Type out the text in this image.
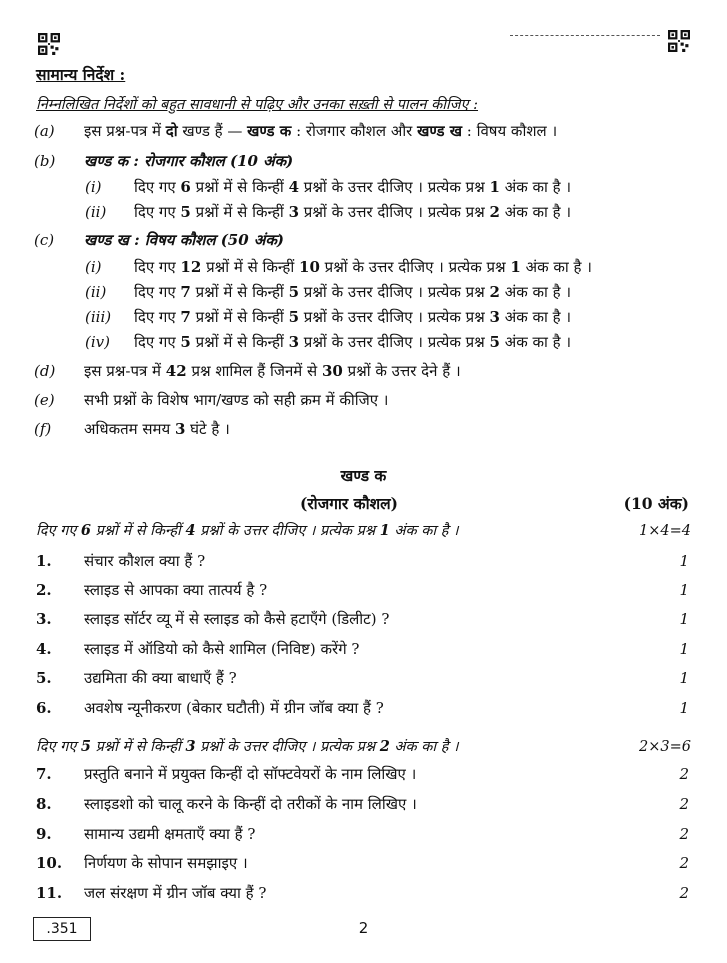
सामान्य निर्देश :
निम्नलिखित निर्देशों को बहुत सावधानी से पढ़िए और उनका सख़्ती से पालन कीजिए :
(a) इस प्रश्न-पत्र में दो खण्ड हैं — खण्ड क : रोजगार कौशल और खण्ड ख : विषय कौशल ।
(b) खण्ड क : रोजगार कौशल (10 अंक)
(i) दिए गए 6 प्रश्नों में से किन्हीं 4 प्रश्नों के उत्तर दीजिए । प्रत्येक प्रश्न 1 अंक का है ।
(ii) दिए गए 5 प्रश्नों में से किन्हीं 3 प्रश्नों के उत्तर दीजिए । प्रत्येक प्रश्न 2 अंक का है ।
(c) खण्ड ख : विषय कौशल (50 अंक)
(i) दिए गए 12 प्रश्नों में से किन्हीं 10 प्रश्नों के उत्तर दीजिए । प्रत्येक प्रश्न 1 अंक का है ।
(ii) दिए गए 7 प्रश्नों में से किन्हीं 5 प्रश्नों के उत्तर दीजिए । प्रत्येक प्रश्न 2 अंक का है ।
(iii) दिए गए 7 प्रश्नों में से किन्हीं 5 प्रश्नों के उत्तर दीजिए । प्रत्येक प्रश्न 3 अंक का है ।
(iv) दिए गए 5 प्रश्नों में से किन्हीं 3 प्रश्नों के उत्तर दीजिए । प्रत्येक प्रश्न 5 अंक का है ।
(d) इस प्रश्न-पत्र में 42 प्रश्न शामिल हैं जिनमें से 30 प्रश्नों के उत्तर देने हैं ।
(e) सभी प्रश्नों के विशेष भाग/खण्ड को सही क्रम में कीजिए ।
(f) अधिकतम समय 3 घंटे है ।
खण्ड क
(रोजगार कौशल)	(10 अंक)
दिए गए 6 प्रश्नों में से किन्हीं 4 प्रश्नों के उत्तर दीजिए । प्रत्येक प्रश्न 1 अंक का है ।	1×4=4
1. संचार कौशल क्या हैं ?	1
2. स्लाइड से आपका क्या तात्पर्य है ?	1
3. स्लाइड सॉर्टर व्यू में से स्लाइड को कैसे हटाएँगे (डिलीट) ?	1
4. स्लाइड में ऑडियो को कैसे शामिल (निविष्ट) करेंगे ?	1
5. उद्यमिता की क्या बाधाएँ हैं ?	1
6. अवशेष न्यूनीकरण (बेकार घटौती) में ग्रीन जॉब क्या हैं ?	1
दिए गए 5 प्रश्नों में से किन्हीं 3 प्रश्नों के उत्तर दीजिए । प्रत्येक प्रश्न 2 अंक का है ।	2×3=6
7. प्रस्तुति बनाने में प्रयुक्त किन्हीं दो सॉफ्टवेयरों के नाम लिखिए ।	2
8. स्लाइडशो को चालू करने के किन्हीं दो तरीकों के नाम लिखिए ।	2
9. सामान्य उद्यमी क्षमताएँ क्या हैं ?	2
10. निर्णयण के सोपान समझाइए ।	2
11. जल संरक्षण में ग्रीन जॉब क्या हैं ?	2
.351	2
